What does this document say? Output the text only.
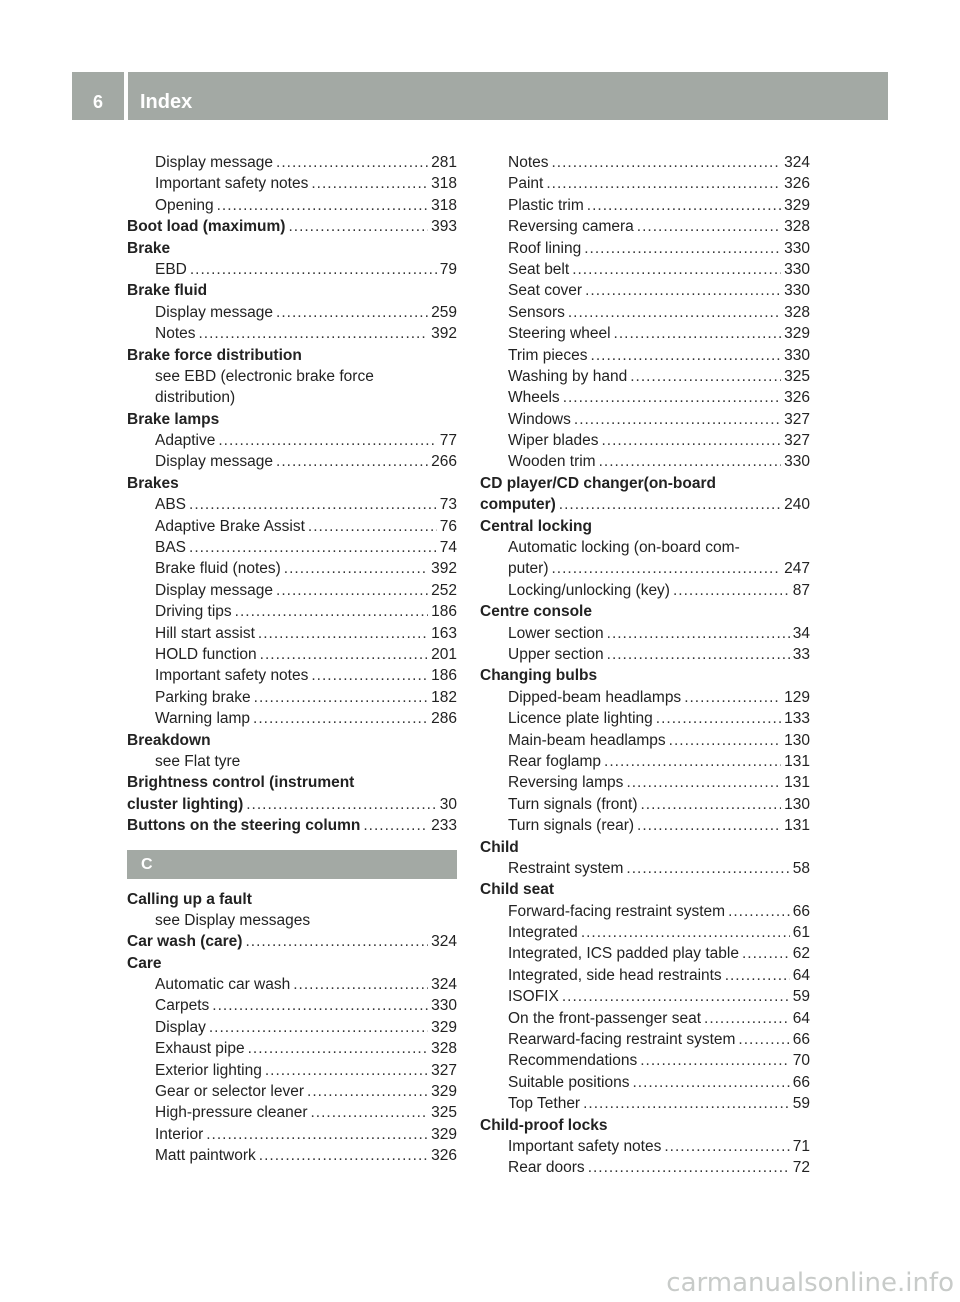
6	Index
Display message .....	281
Important safety notes .....	318
Opening .....	318
Boot load (maximum) .....	393
Brake
EBD .....	79
Brake fluid
Display message .....	259
Notes .....	392
Brake force distribution
see EBD (electronic brake force
distribution)
Brake lamps
Adaptive .....	77
Display message .....	266
Brakes
ABS .....	73
Adaptive Brake Assist .....	76
BAS .....	74
Brake fluid (notes) .....	392
Display message .....	252
Driving tips .....	186
Hill start assist .....	163
HOLD function .....	201
Important safety notes .....	186
Parking brake .....	182
Warning lamp .....	286
Breakdown
see Flat tyre
Brightness control (instrument
cluster lighting) .....	30
Buttons on the steering column .....	233
C
Calling up a fault
see Display messages
Car wash (care) .....	324
Care
Automatic car wash .....	324
Carpets .....	330
Display .....	329
Exhaust pipe .....	328
Exterior lighting .....	327
Gear or selector lever .....	329
High-pressure cleaner .....	325
Interior .....	329
Matt paintwork .....	326
Notes .....	324
Paint .....	326
Plastic trim .....	329
Reversing camera .....	328
Roof lining .....	330
Seat belt .....	330
Seat cover .....	330
Sensors .....	328
Steering wheel .....	329
Trim pieces .....	330
Washing by hand .....	325
Wheels .....	326
Windows .....	327
Wiper blades .....	327
Wooden trim .....	330
CD player/CD changer(on-board
computer) .....	240
Central locking
Automatic locking (on-board com-
puter) .....	247
Locking/unlocking (key) .....	87
Centre console
Lower section .....	34
Upper section .....	33
Changing bulbs
Dipped-beam headlamps .....	129
Licence plate lighting .....	133
Main-beam headlamps .....	130
Rear foglamp .....	131
Reversing lamps .....	131
Turn signals (front) .....	130
Turn signals (rear) .....	131
Child
Restraint system .....	58
Child seat
Forward-facing restraint system .....	66
Integrated .....	61
Integrated, ICS padded play table .....	62
Integrated, side head restraints .....	64
ISOFIX .....	59
On the front-passenger seat .....	64
Rearward-facing restraint system .....	66
Recommendations .....	70
Suitable positions .....	66
Top Tether .....	59
Child-proof locks
Important safety notes .....	71
Rear doors .....	72
carmanualsonline.info
